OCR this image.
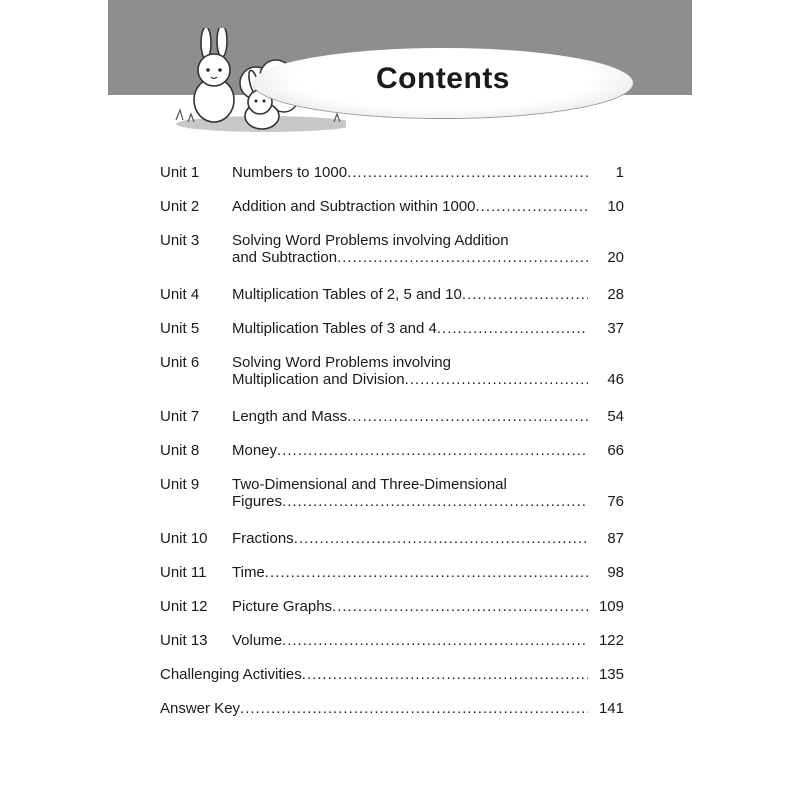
Contents
Unit 1	Numbers to 1000 .....	1
Unit 2	Addition and Subtraction within 1000 .....	10
Unit 3	Solving Word Problems involving Addition
and Subtraction .....	20
Unit 4	Multiplication Tables of 2, 5 and 10 .....	28
Unit 5	Multiplication Tables of 3 and 4 .....	37
Unit 6	Solving Word Problems involving
Multiplication and Division .....	46
Unit 7	Length and Mass .....	54
Unit 8	Money .....	66
Unit 9	Two-Dimensional and Three-Dimensional
Figures .....	76
Unit 10	Fractions .....	87
Unit 11	Time .....	98
Unit 12	Picture Graphs .....	109
Unit 13	Volume .....	122
Challenging Activities .....	135
Answer Key .....	141
